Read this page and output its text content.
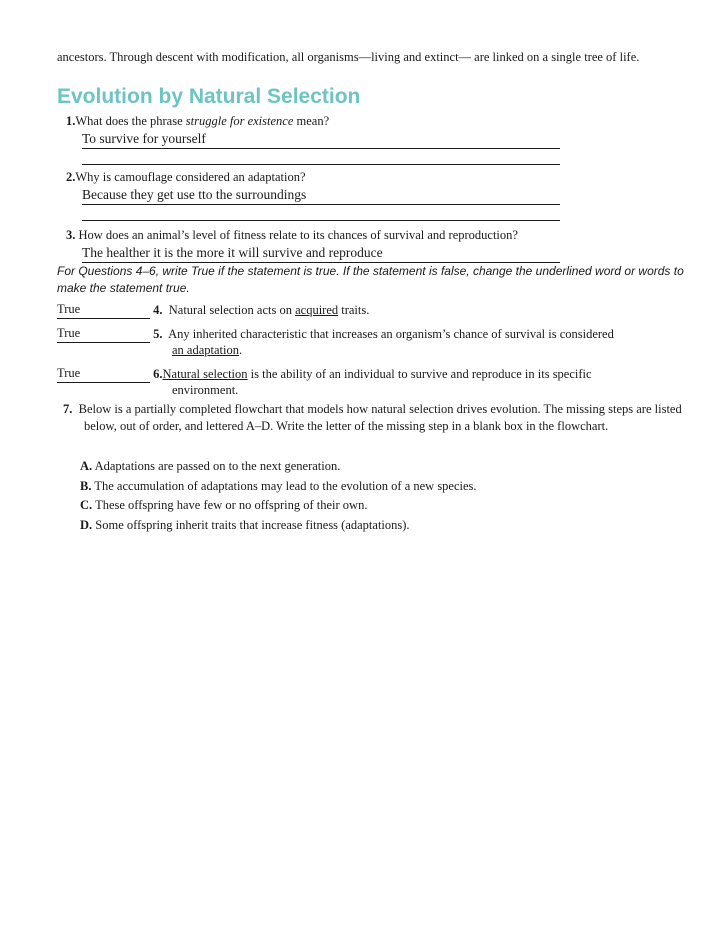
ancestors. Through descent with modification, all organisms—living and extinct— are linked on a single tree of life.
Evolution by Natural Selection
1.What does the phrase struggle for existence mean?
To survive for yourself
2.Why is camouflage considered an adaptation?
Because they get use tto the surroundings
3. How does an animal’s level of fitness relate to its chances of survival and reproduction?
The healther it is the more it will survive and reproduce
For Questions 4–6, write True if the statement is true. If the statement is false, change the underlined word or words to make the statement true.
True	4. Natural selection acts on acquired traits.
True	5. Any inherited characteristic that increases an organism’s chance of survival is considered
an adaptation.
True	6.Natural selection is the ability of an individual to survive and reproduce in its specific
environment.
7. Below is a partially completed flowchart that models how natural selection drives evolution. The missing steps are listed below, out of order, and lettered A–D. Write the letter of the missing step in a blank box in the flowchart.
A. Adaptations are passed on to the next generation.
B. The accumulation of adaptations may lead to the evolution of a new species.
C. These offspring have few or no offspring of their own.
D. Some offspring inherit traits that increase fitness (adaptations).
